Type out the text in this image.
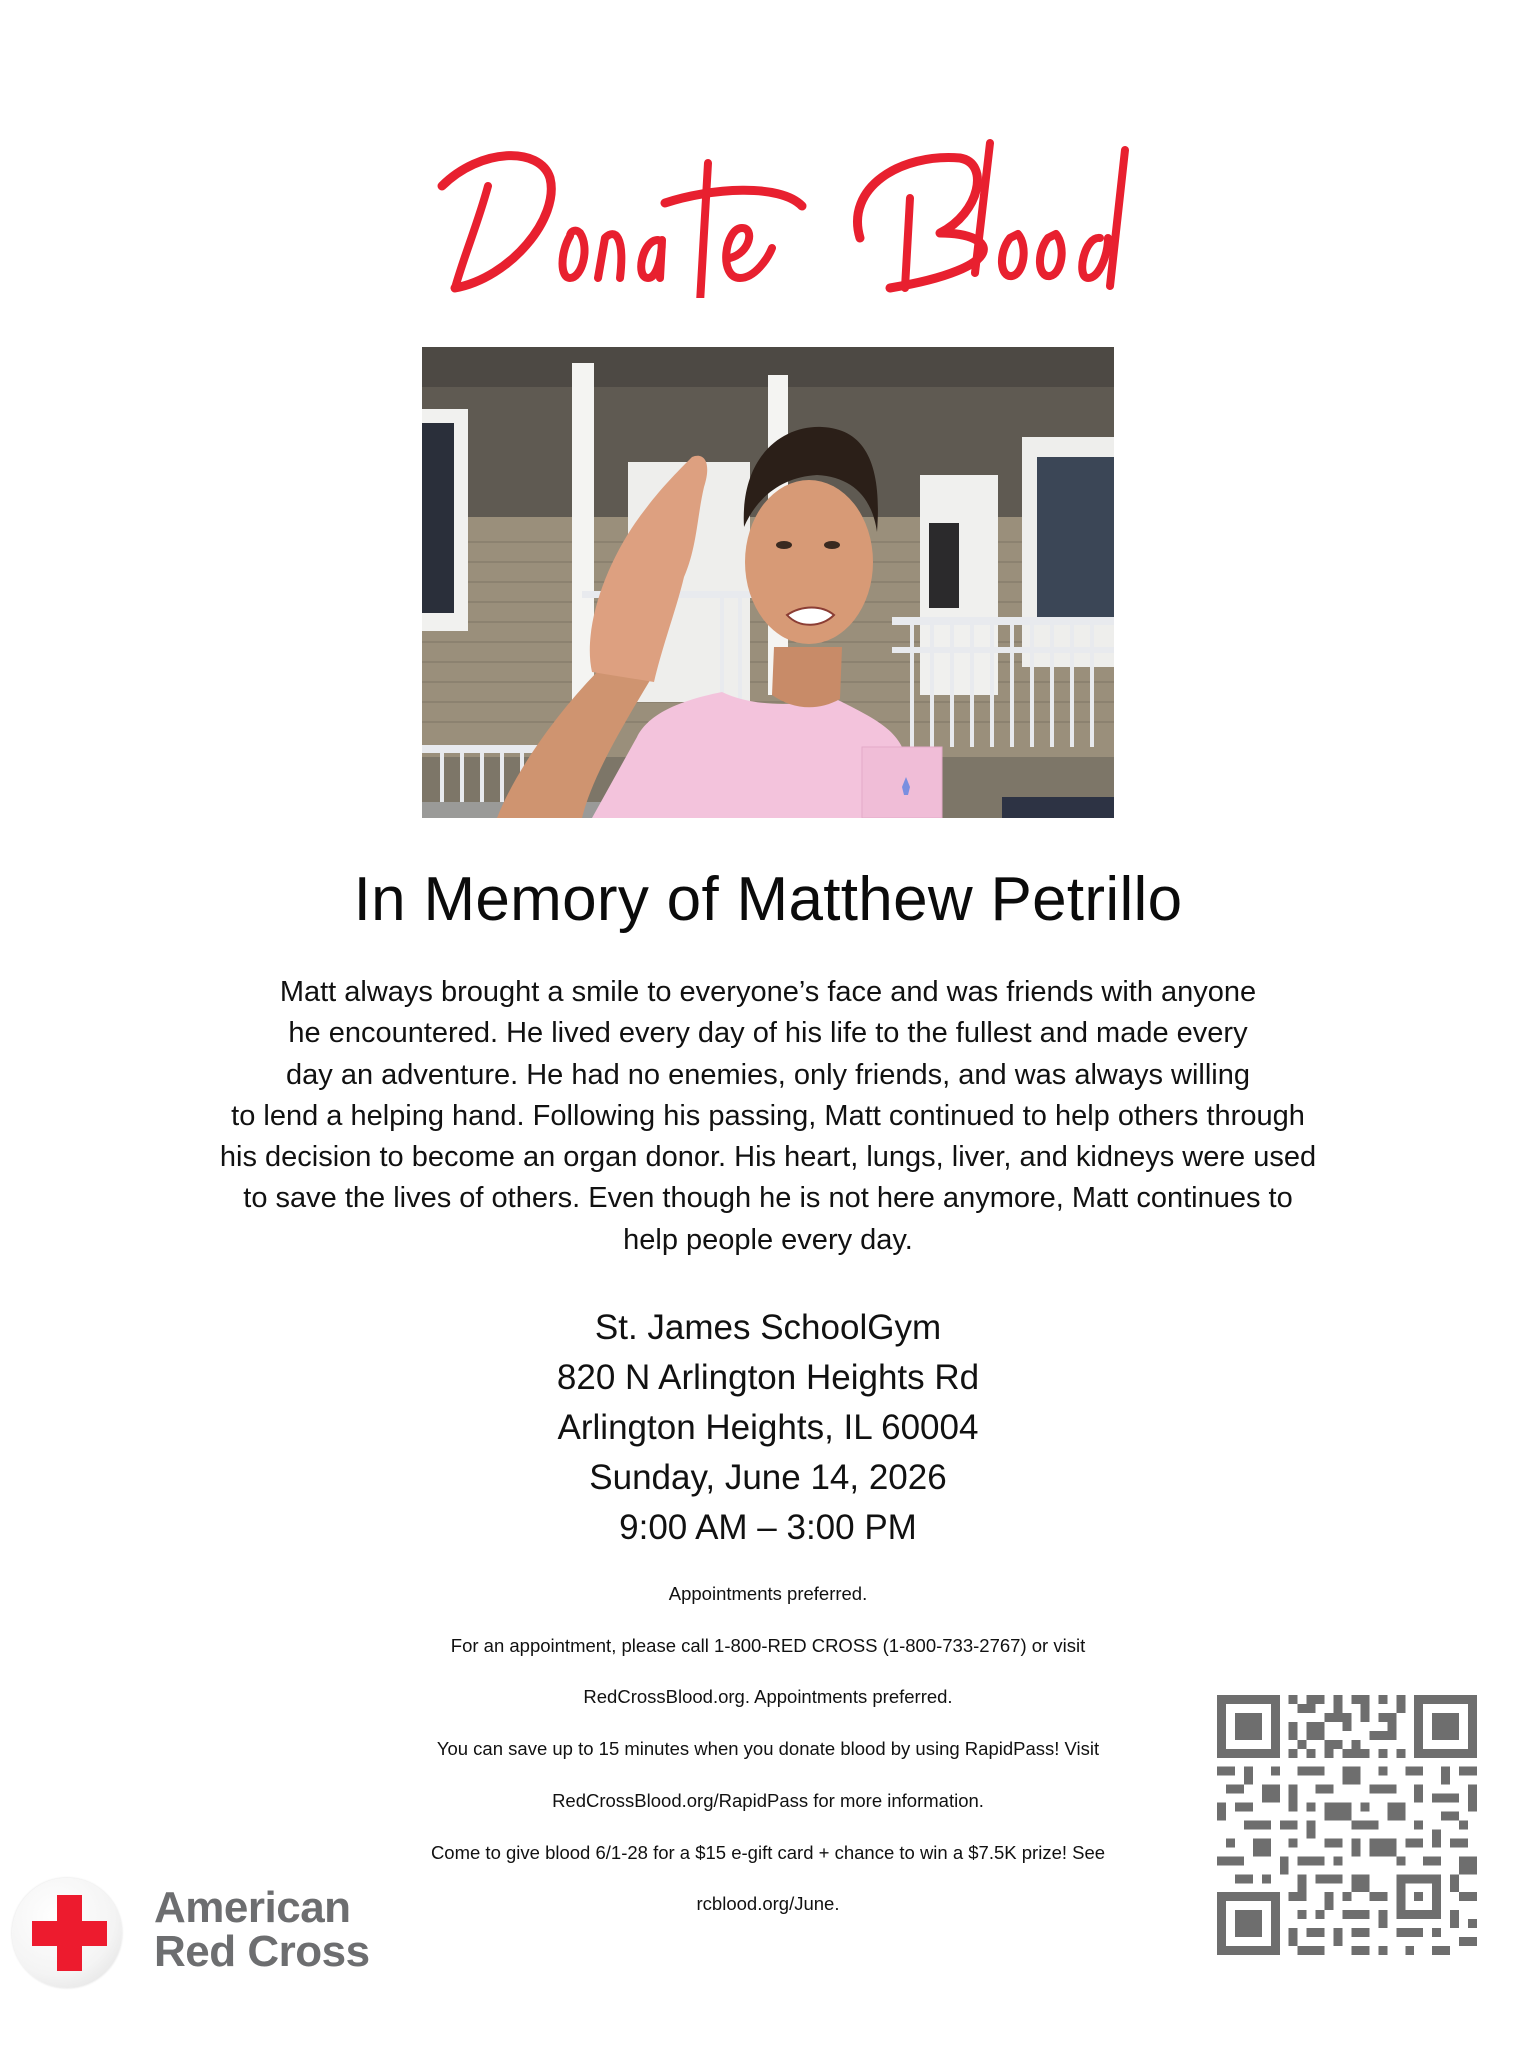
In Memory of Matthew Petrillo
Matt always brought a smile to everyone’s face and was friends with anyone
he encountered. He lived every day of his life to the fullest and made every
day an adventure. He had no enemies, only friends, and was always willing
to lend a helping hand. Following his passing, Matt continued to help others through
his decision to become an organ donor. His heart, lungs, liver, and kidneys were used
to save the lives of others. Even though he is not here anymore, Matt continues to
help people every day.
St. James SchoolGym
820 N Arlington Heights Rd
Arlington Heights, IL 60004
Sunday, June 14, 2026
9:00 AM – 3:00 PM
Appointments preferred.
For an appointment, please call 1-800-RED CROSS (1-800-733-2767) or visit
RedCrossBlood.org. Appointments preferred.
You can save up to 15 minutes when you donate blood by using RapidPass! Visit
RedCrossBlood.org/RapidPass for more information.
Come to give blood 6/1-28 for a $15 e-gift card + chance to win a $7.5K prize! See
rcblood.org/June.
American
Red Cross
